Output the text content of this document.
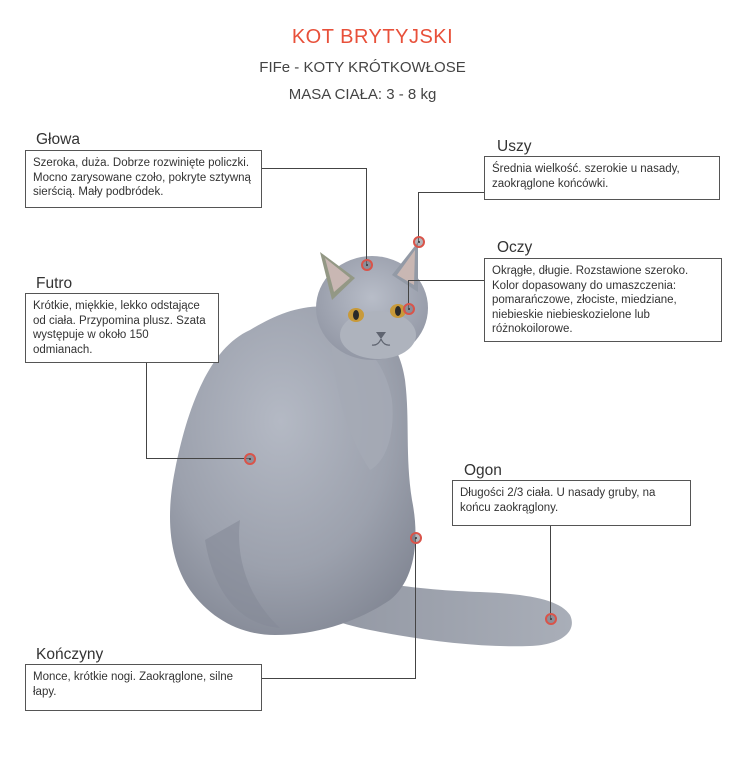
KOT BRYTYJSKI
FIFe - KOTY KRÓTKOWŁOSE
MASA CIAŁA: 3 - 8 kg
Głowa
Szeroka, duża. Dobrze rozwinięte policzki. Mocno zarysowane czoło, pokryte sztywną sierścią. Mały podbródek.
Futro
Krótkie, miękkie, lekko odstające od ciała. Przypomina plusz. Szata występuje w około 150 odmianach.
Kończyny
Monce, krótkie nogi. Zaokrąglone, silne łapy.
Uszy
Średnia wielkość. szerokie u nasady, zaokrąglone końcówki.
Oczy
Okrągłe, długie. Rozstawione szeroko. Kolor dopasowany do umaszczenia: pomarańczowe, złociste, miedziane, niebieskie niebieskozielone lub różnokoilorowe.
Ogon
Długości 2/3 ciała. U nasady gruby, na końcu zaokrąglony.
